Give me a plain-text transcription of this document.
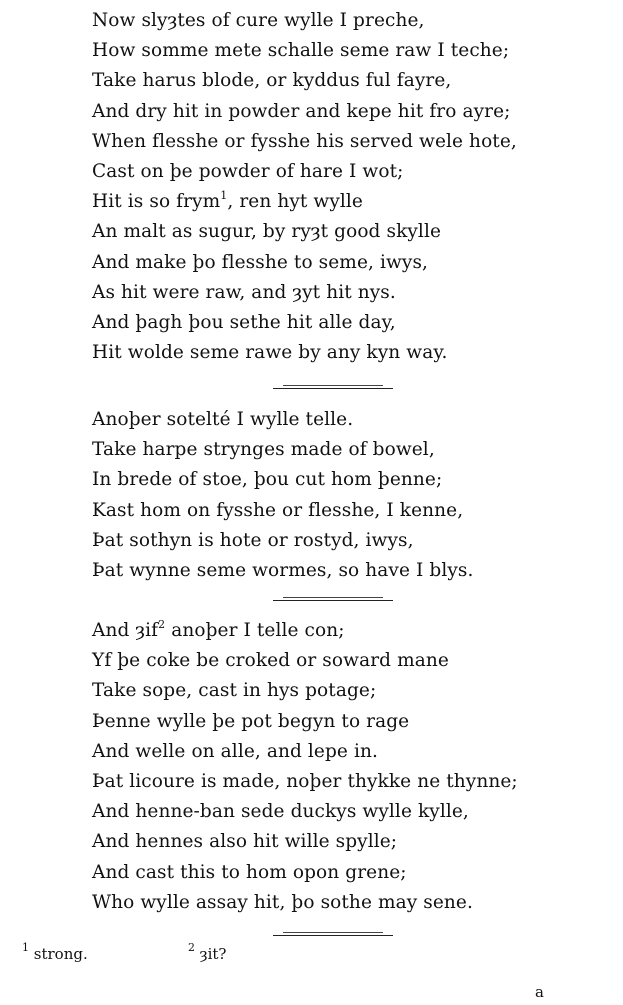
Now slyȝtes of cure wylle I preche,
How somme mete schalle seme raw I teche;
Take harus blode, or kyddus ful fayre,
And dry hit in powder and kepe hit fro ayre;
When flesshe or fysshe his served wele hote,
Cast on þe powder of hare I wot;
Hit is so frym$^1$, ren hyt wylle
An malt as sugur, by ryȝt good skylle
And make þo flesshe to seme, iwys,
As hit were raw, and ȝyt hit nys.
And þagh þou sethe hit alle day,
Hit wolde seme rawe by any kyn way.
Anoþer sotelté I wylle telle.
Take harpe strynges made of bowel,
In brede of stoe, þou cut hom þenne;
Kast hom on fysshe or flesshe, I kenne,
Þat sothyn is hote or rostyd, iwys,
Þat wynne seme wormes, so have I blys.
And ȝif$^2$ anoþer I telle con;
Yf þe coke be croked or soward mane
Take sope, cast in hys potage;
Þenne wylle þe pot begyn to rage
And welle on alle, and lepe in.
Þat licoure is made, noþer thykke ne thynne;
And henne-ban sede duckys wylle kylle,
And hennes also hit wille spylle;
And cast this to hom opon grene;
Who wylle assay hit, þo sothe may sene.
$^1$ strong.	$^2$ ȝit?
a
